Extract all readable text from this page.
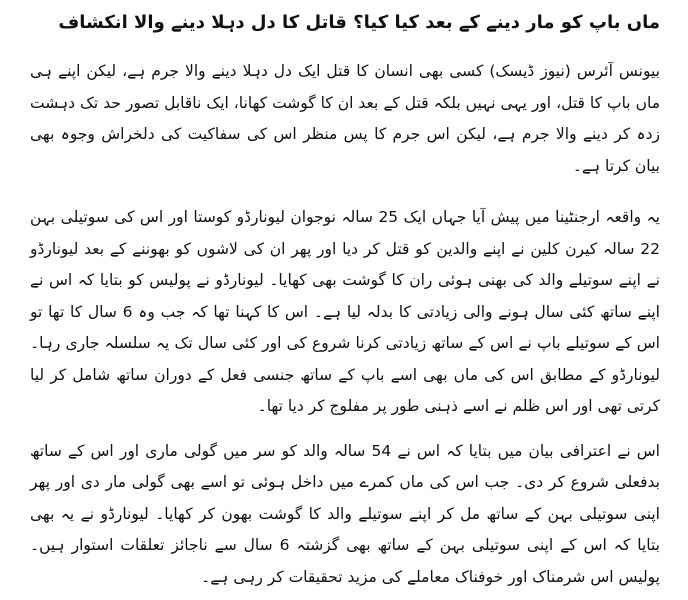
ماں باپ کو مار دینے کے بعد کیا کیا؟ قاتل کا دل دہلا دینے والا انکشاف

بیونس آئرس (نیوز ڈیسک) کسی بھی انسان کا قتل ایک دل دہلا دینے والا جرم ہے، لیکن اپنے ہی ماں باپ کا قتل، اور یہی نہیں بلکہ قتل کے بعد ان کا گوشت کھانا، ایک ناقابل تصور حد تک دہشت زدہ کر دینے والا جرم ہے، لیکن اس جرم کا پس منظر اس کی سفاکیت کی دلخراش وجوہ بھی بیان کرتا ہے۔

یہ واقعہ ارجنٹینا میں پیش آیا جہاں ایک 25 سالہ نوجوان لیونارڈو کوستا اور اس کی سوتیلی بہن 22 سالہ کیرن کلین نے اپنے والدین کو قتل کر دیا اور پھر ان کی لاشوں کو بھوننے کے بعد لیونارڈو نے اپنے سوتیلے والد کی بھنی ہوئی ران کا گوشت بھی کھایا۔ لیونارڈو نے پولیس کو بتایا کہ اس نے اپنے ساتھ کئی سال ہونے والی زیادتی کا بدلہ لیا ہے۔ اس کا کہنا تھا کہ جب وہ 6 سال کا تھا تو اس کے سوتیلے باپ نے اس کے ساتھ زیادتی کرنا شروع کی اور کئی سال تک یہ سلسلہ جاری رہا۔ لیونارڈو کے مطابق اس کی ماں بھی اسے باپ کے ساتھ جنسی فعل کے دوران ساتھ شامل کر لیا کرتی تھی اور اس ظلم نے اسے ذہنی طور پر مفلوج کر دیا تھا۔

اس نے اعترافی بیان میں بتایا کہ اس نے 54 سالہ والد کو سر میں گولی ماری اور اس کے ساتھ بدفعلی شروع کر دی۔ جب اس کی ماں کمرے میں داخل ہوئی تو اسے بھی گولی مار دی اور پھر اپنی سوتیلی بہن کے ساتھ مل کر اپنے سوتیلے والد کا گوشت بھون کر کھایا۔ لیونارڈو نے یہ بھی بتایا کہ اس کے اپنی سوتیلی بہن کے ساتھ بھی گزشتہ 6 سال سے ناجائز تعلقات استوار ہیں۔ پولیس اس شرمناک اور خوفناک معاملے کی مزید تحقیقات کر رہی ہے۔
